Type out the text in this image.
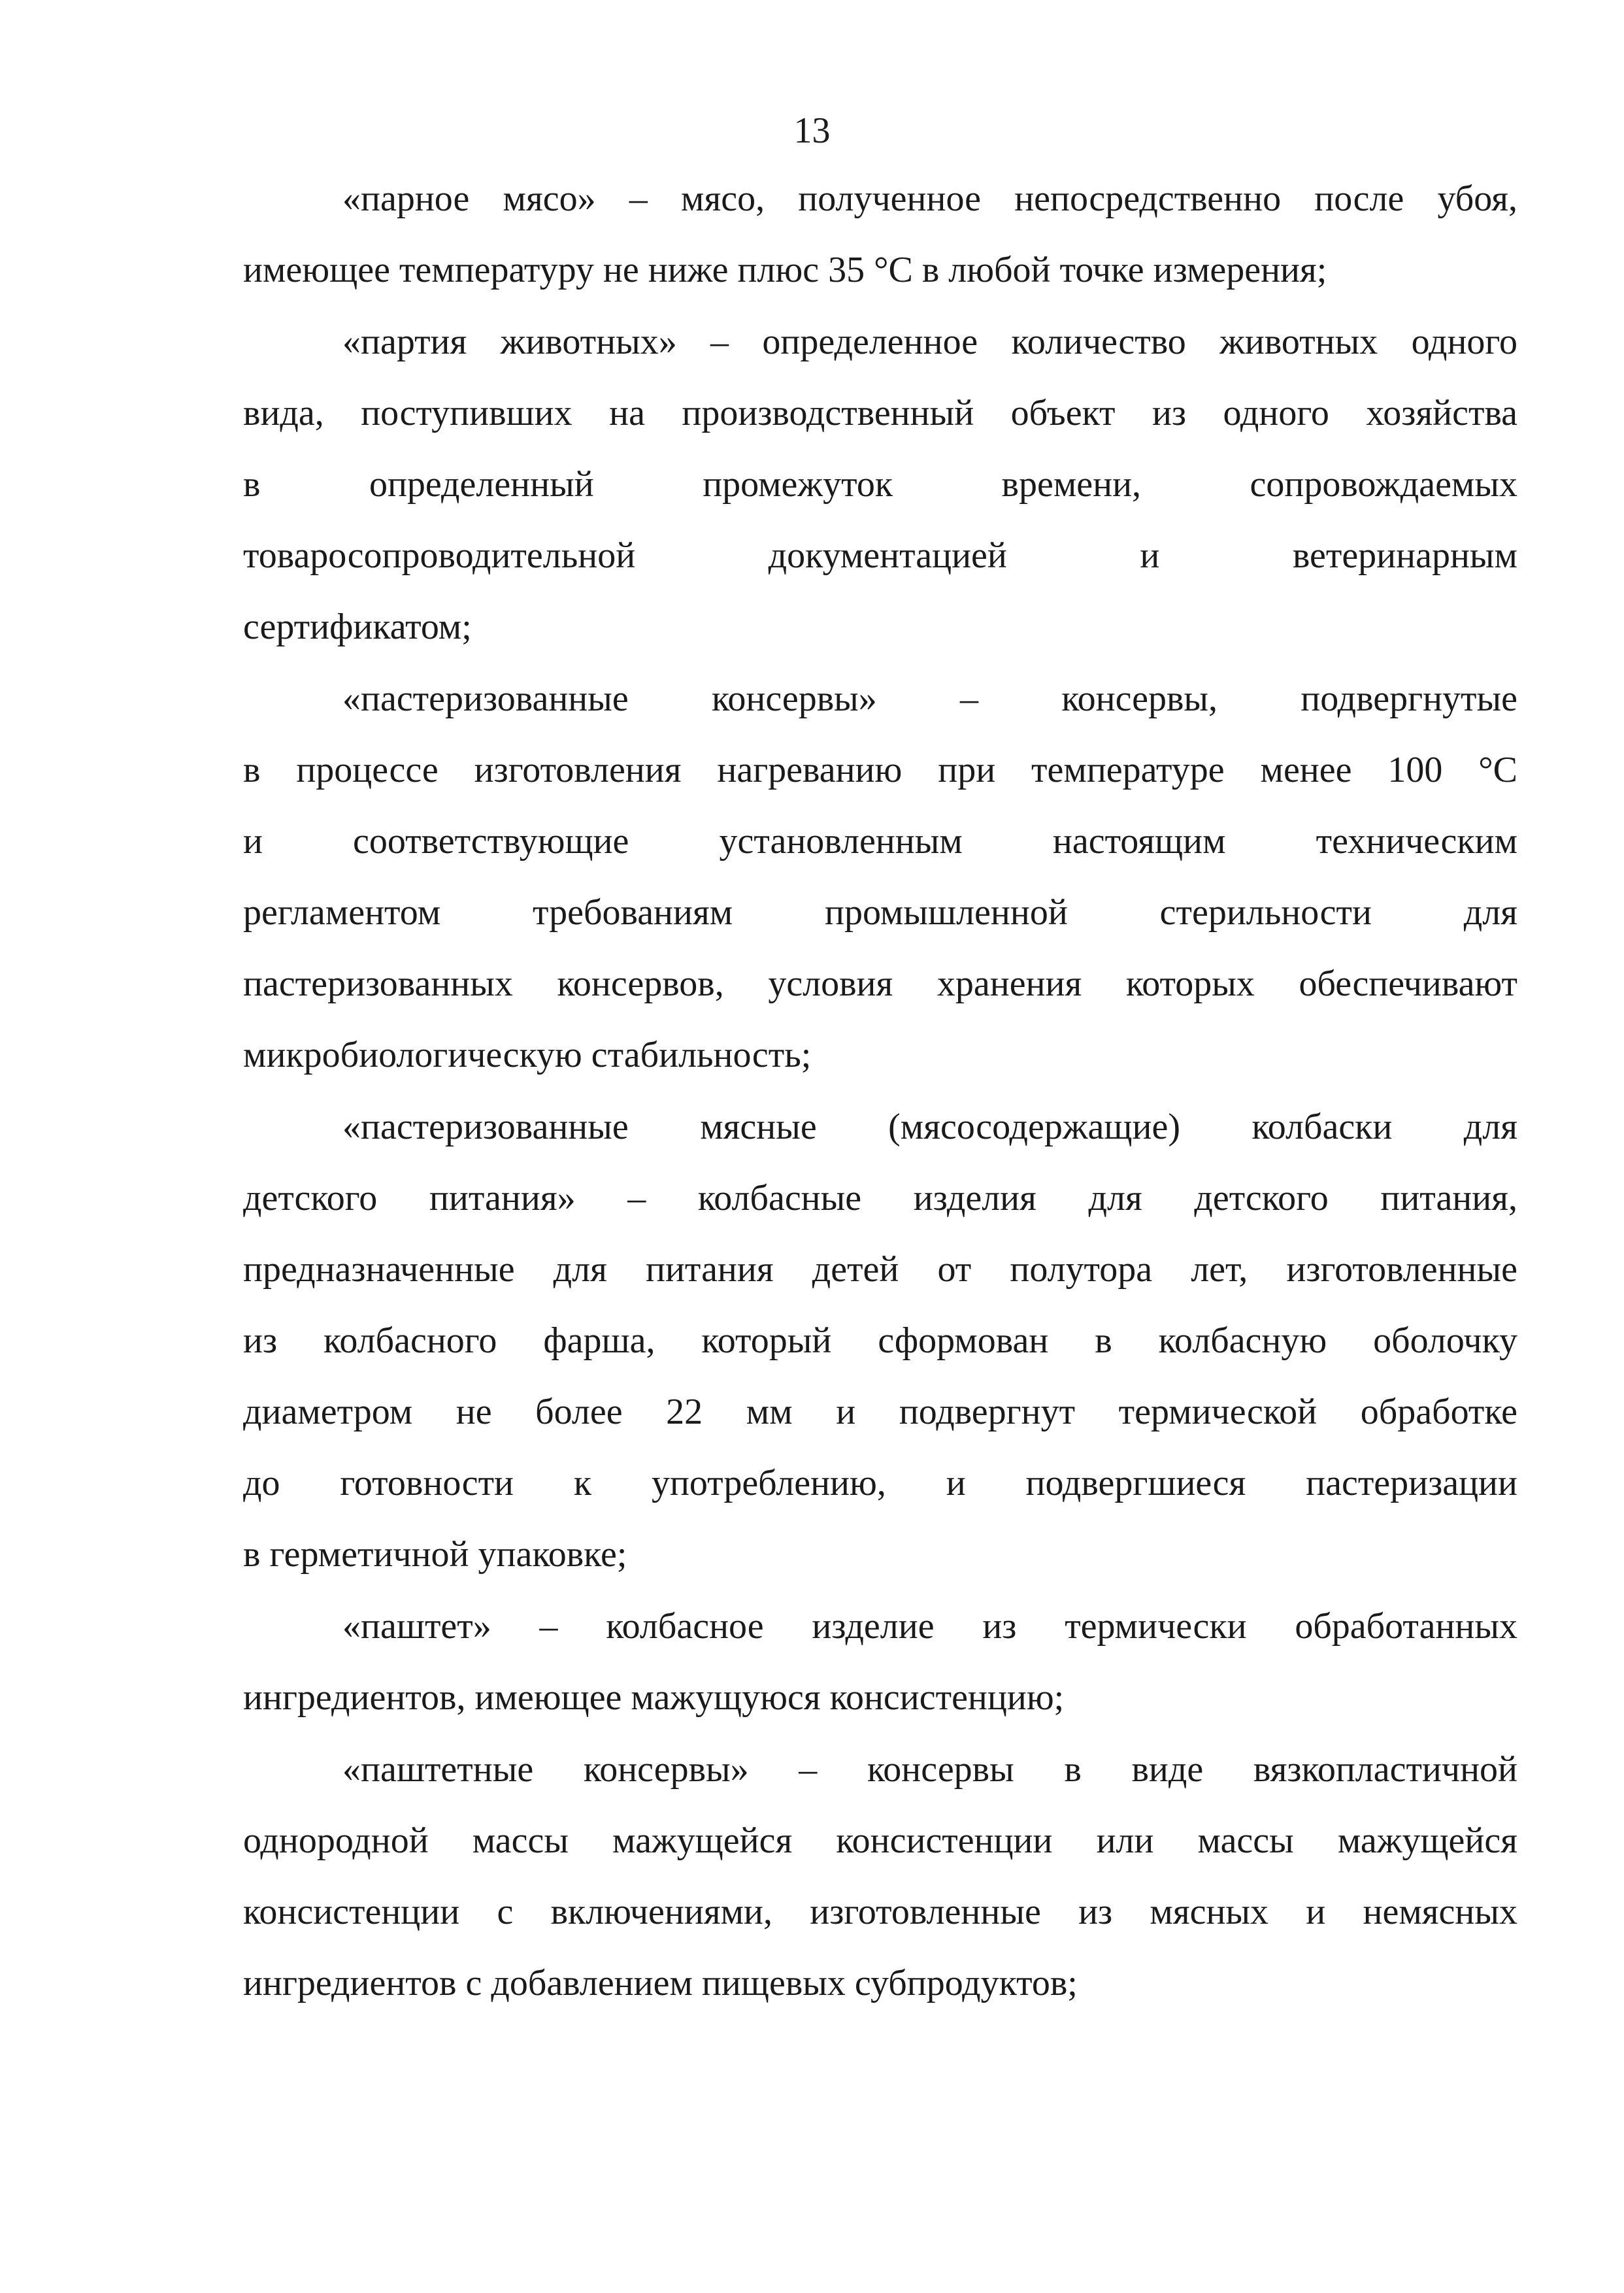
13
«парное мясо» – мясо, полученное непосредственно после убоя,
имеющее температуру не ниже плюс 35 °С в любой точке измерения;
«партия животных» – определенное количество животных одного
вида, поступивших на производственный объект из одного хозяйства
в определенный промежуток времени, сопровождаемых
товаросопроводительной документацией и ветеринарным
сертификатом;
«пастеризованные консервы» – консервы, подвергнутые
в процессе изготовления нагреванию при температуре менее 100 °С
и соответствующие установленным настоящим техническим
регламентом требованиям промышленной стерильности для
пастеризованных консервов, условия хранения которых обеспечивают
микробиологическую стабильность;
«пастеризованные мясные (мясосодержащие) колбаски для
детского питания» – колбасные изделия для детского питания,
предназначенные для питания детей от полутора лет, изготовленные
из колбасного фарша, который сформован в колбасную оболочку
диаметром не более 22 мм и подвергнут термической обработке
до готовности к употреблению, и подвергшиеся пастеризации
в герметичной упаковке;
«паштет» – колбасное изделие из термически обработанных
ингредиентов, имеющее мажущуюся консистенцию;
«паштетные консервы» – консервы в виде вязкопластичной
однородной массы мажущейся консистенции или массы мажущейся
консистенции с включениями, изготовленные из мясных и немясных
ингредиентов с добавлением пищевых субпродуктов;
